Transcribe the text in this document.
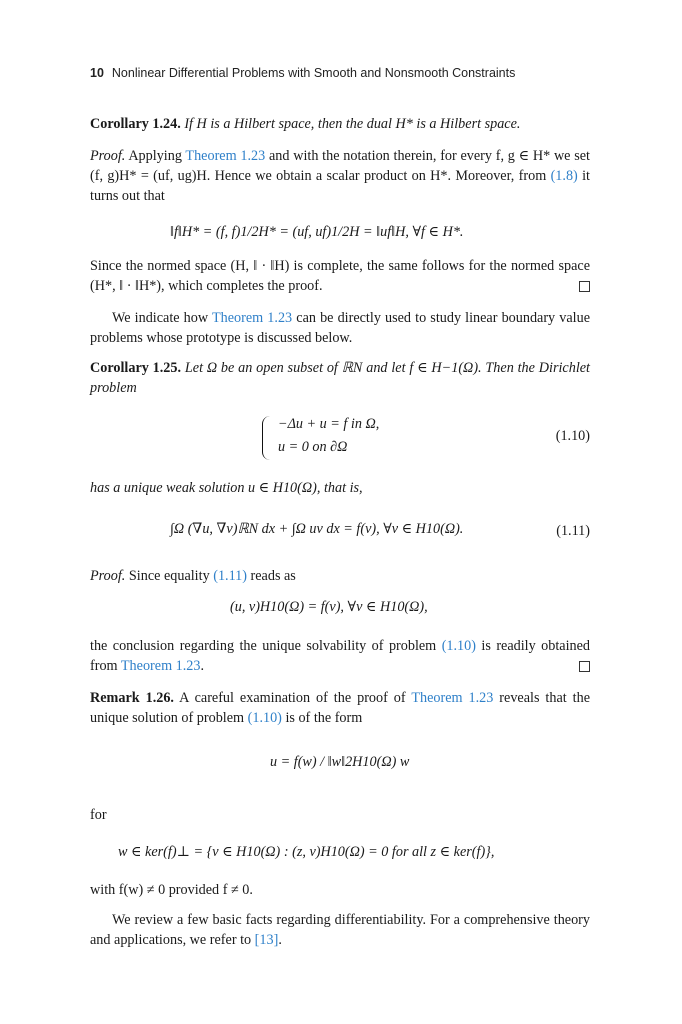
10 Nonlinear Differential Problems with Smooth and Nonsmooth Constraints
Corollary 1.24. If H is a Hilbert space, then the dual H* is a Hilbert space.
Proof. Applying Theorem 1.23 and with the notation therein, for every f, g ∈ H* we set (f, g)H* = (uf, ug)H. Hence we obtain a scalar product on H*. Moreover, from (1.8) it turns out that
‖f‖H* = (f, f)1/2H* = (uf, uf)1/2H = ‖uf‖H, ∀f ∈ H*.
Since the normed space (H, ‖ · ‖H) is complete, the same follows for the normed space (H*, ‖ · ‖H*), which completes the proof.
We indicate how Theorem 1.23 can be directly used to study linear boundary value problems whose prototype is discussed below.
Corollary 1.25. Let Ω be an open subset of ℝN and let f ∈ H−1(Ω). Then the Dirichlet problem
−Δu + u = f in Ω,
u = 0 on ∂Ω
(1.10)
has a unique weak solution u ∈ H10(Ω), that is,
∫Ω (∇u, ∇v)ℝN dx + ∫Ω uv dx = f(v), ∀v ∈ H10(Ω).	(1.11)
Proof. Since equality (1.11) reads as
(u, v)H10(Ω) = f(v), ∀v ∈ H10(Ω),
the conclusion regarding the unique solvability of problem (1.10) is readily obtained from Theorem 1.23.
Remark 1.26. A careful examination of the proof of Theorem 1.23 reveals that the unique solution of problem (1.10) is of the form
u = f(w) / ‖w‖2H10(Ω) w
for
w ∈ ker(f)⊥ = {v ∈ H10(Ω) : (z, v)H10(Ω) = 0 for all z ∈ ker(f)},
with f(w) ≠ 0 provided f ≠ 0.
We review a few basic facts regarding differentiability. For a comprehensive theory and applications, we refer to [13].
